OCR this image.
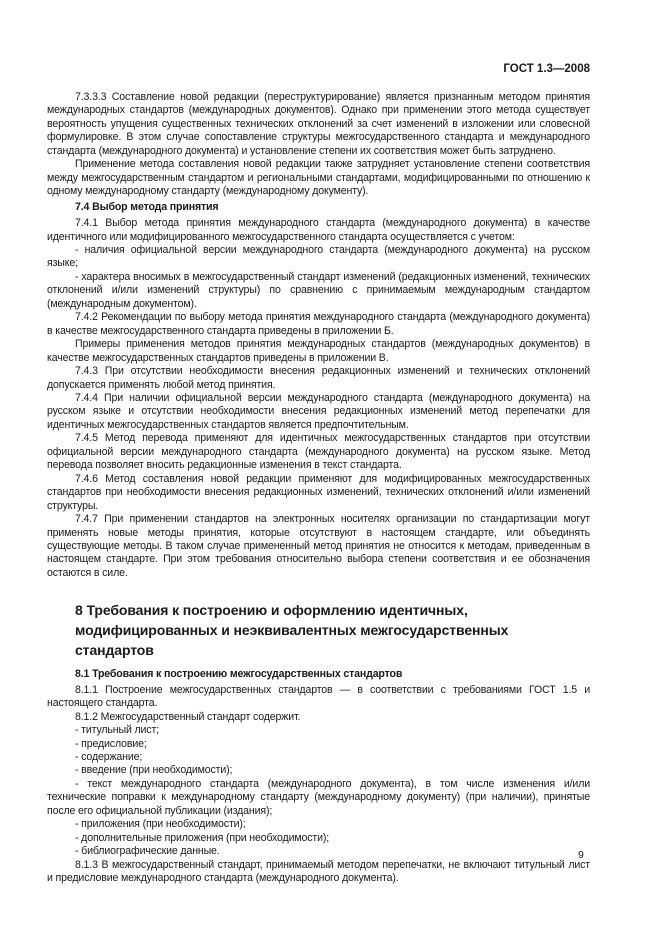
ГОСТ 1.3—2008

7.3.3.3 Составление новой редакции (переструктурирование) является признанным методом принятия международных стандартов (международных документов). Однако при применении этого метода существует вероятность упущения существенных технических отклонений за счет изменений в изложении или словесной формулировке. В этом случае сопоставление структуры межгосударственного стандарта и международного стандарта (международного документа) и установление степени их соответствия может быть затруднено.

Применение метода составления новой редакции также затрудняет установление степени соответствия между межгосударственным стандартом и региональными стандартами, модифицированными по отношению к одному международному стандарту (международному документу).

7.4 Выбор метода принятия

7.4.1 Выбор метода принятия международного стандарта (международного документа) в качестве идентичного или модифицированного межгосударственного стандарта осуществляется с учетом:

- наличия официальной версии международного стандарта (международного документа) на русском языке;

- характера вносимых в межгосударственный стандарт изменений (редакционных изменений, технических отклонений и/или изменений структуры) по сравнению с принимаемым международным стандартом (международным документом).

7.4.2 Рекомендации по выбору метода принятия международного стандарта (международного документа) в качестве межгосударственного стандарта приведены в приложении Б.

Примеры применения методов принятия международных стандартов (международных документов) в качестве межгосударственных стандартов приведены в приложении В.

7.4.3 При отсутствии необходимости внесения редакционных изменений и технических отклонений допускается применять любой метод принятия.

7.4.4 При наличии официальной версии международного стандарта (международного документа) на русском языке и отсутствии необходимости внесения редакционных изменений метод перепечатки для идентичных межгосударственных стандартов является предпочтительным.

7.4.5 Метод перевода применяют для идентичных межгосударственных стандартов при отсутствии официальной версии международного стандарта (международного документа) на русском языке. Метод перевода позволяет вносить редакционные изменения в текст стандарта.

7.4.6 Метод составления новой редакции применяют для модифицированных межгосударственных стандартов при необходимости внесения редакционных изменений, технических отклонений и/или изменений структуры.

7.4.7 При применении стандартов на электронных носителях организации по стандартизации могут применять новые методы принятия, которые отсутствуют в настоящем стандарте, или объединять существующие методы. В таком случае примененный метод принятия не относится к методам, приведенным в настоящем стандарте. При этом требования относительно выбора степени соответствия и ее обозначения остаются в силе.

8 Требования к построению и оформлению идентичных, модифицированных и неэквивалентных межгосударственных стандартов
8.1 Требования к построению межгосударственных стандартов

8.1.1 Построение межгосударственных стандартов — в соответствии с требованиями ГОСТ 1.5 и настоящего стандарта.

8.1.2 Межгосударственный стандарт содержит.

- титульный лист;

- предисловие;

- содержание;

- введение (при необходимости);

- текст международного стандарта (международного документа), в том числе изменения и/или технические поправки к международному стандарту (международному документу) (при наличии), принятые после его официальной публикации (издания);

- приложения (при необходимости);

- дополнительные приложения (при необходимости);

- библиографические данные.

8.1.3 В межгосударственный стандарт, принимаемый методом перепечатки, не включают титульный лист и предисловие международного стандарта (международного документа).

9
